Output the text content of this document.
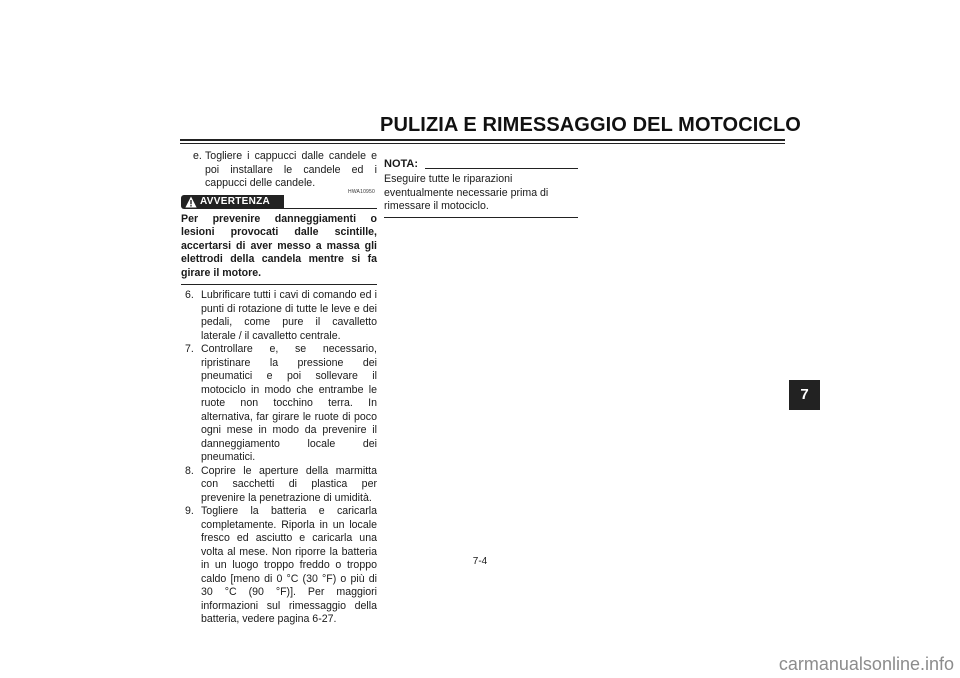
PULIZIA E RIMESSAGGIO DEL MOTOCICLO
e. Togliere i cappucci dalle candele e poi installare le candele ed i cappucci delle candele.
HWA10950
AVVERTENZA
Per prevenire danneggiamenti o lesioni provocati dalle scintille, accertarsi di aver messo a massa gli elettrodi della candela mentre si fa girare il motore.
6. Lubrificare tutti i cavi di comando ed i punti di rotazione di tutte le leve e dei pedali, come pure il cavalletto laterale / il cavalletto centrale.
7. Controllare e, se necessario, ripristinare la pressione dei pneumatici e poi sollevare il motociclo in modo che entrambe le ruote non tocchino terra. In alternativa, far girare le ruote di poco ogni mese in modo da prevenire il danneggiamento locale dei pneumatici.
8. Coprire le aperture della marmitta con sacchetti di plastica per prevenire la penetrazione di umidità.
9. Togliere la batteria e caricarla completamente. Riporla in un locale fresco ed asciutto e caricarla una volta al mese. Non riporre la batteria in un luogo troppo freddo o troppo caldo [meno di 0 °C (30 °F) o più di 30 °C (90 °F)]. Per maggiori informazioni sul rimessaggio della batteria, vedere pagina 6-27.
NOTA:
Eseguire tutte le riparazioni eventualmente necessarie prima di rimessare il motociclo.
7-4
7
carmanualsonline.info
